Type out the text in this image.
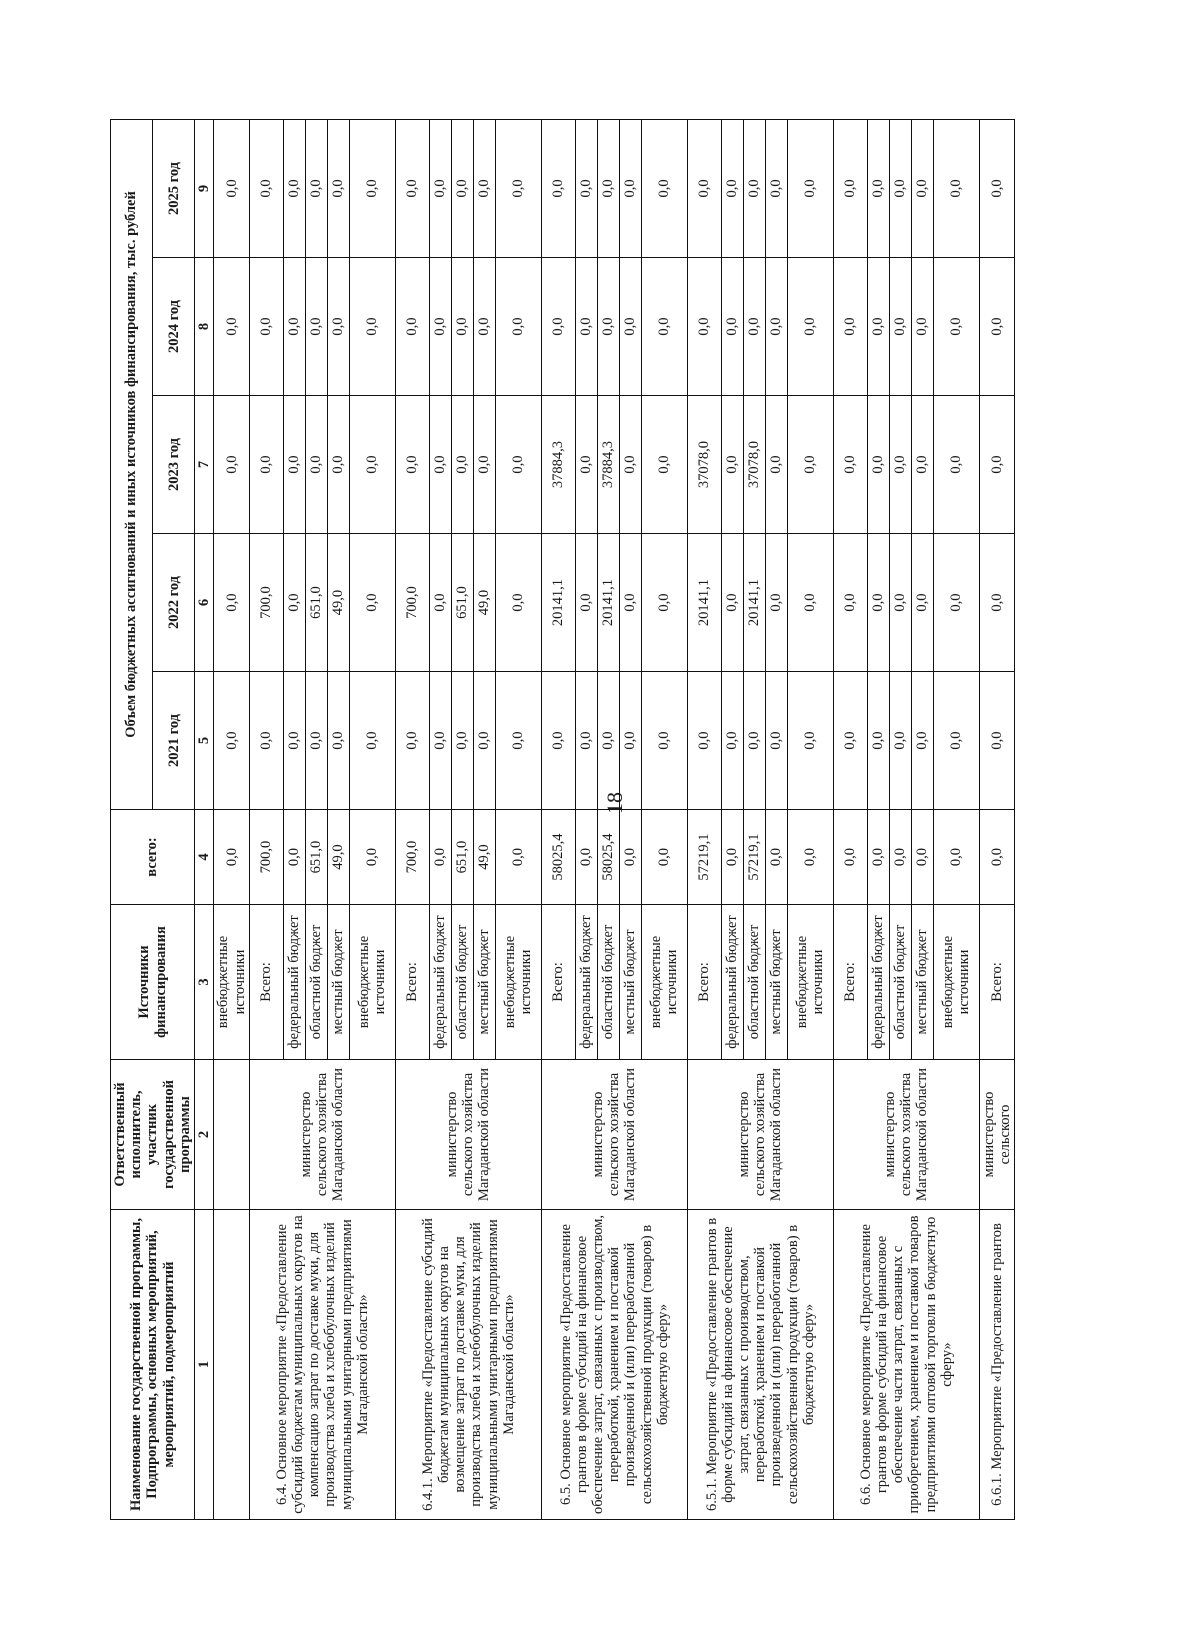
18
Наименование государственной программы, Подпрограммы, основных мероприятий, мероприятий, подмероприятий	Ответственный исполнитель, участник государственной программы	Источники финансирования	всего:	Объем бюджетных ассигнований и иных источников финансирования, тыс. рублей				
				2021 год	2022 год	2023 год	2024 год	2025 год
1	2	3	4	5	6	7	8	9
		внебюджетные источники	0,0	0,0	0,0	0,0	0,0	0,0
6.4. Основное мероприятие «Предоставление субсидий бюджетам муниципальных округов на компенсацию затрат по доставке муки, для производства хлеба и хлебобулочных изделий муниципальными унитарными предприятиями Магаданской области»	министерство сельского хозяйства Магаданской области	Всего:	700,0	0,0	700,0	0,0	0,0	0,0
		федеральный бюджет	0,0	0,0	0,0	0,0	0,0	0,0
		областной бюджет	651,0	0,0	651,0	0,0	0,0	0,0
		местный бюджет	49,0	0,0	49,0	0,0	0,0	0,0
		внебюджетные источники	0,0	0,0	0,0	0,0	0,0	0,0
6.4.1. Мероприятие «Предоставление субсидий бюджетам муниципальных округов на возмещение затрат по доставке муки, для производства хлеба и хлебобулочных изделий муниципальными унитарными предприятиями Магаданской области»	министерство сельского хозяйства Магаданской области	Всего:	700,0	0,0	700,0	0,0	0,0	0,0
		федеральный бюджет	0,0	0,0	0,0	0,0	0,0	0,0
		областной бюджет	651,0	0,0	651,0	0,0	0,0	0,0
		местный бюджет	49,0	0,0	49,0	0,0	0,0	0,0
		внебюджетные источники	0,0	0,0	0,0	0,0	0,0	0,0
6.5. Основное мероприятие «Предоставление грантов в форме субсидий на финансовое обеспечение затрат, связанных с производством, переработкой, хранением и поставкой произведенной и (или) переработанной сельскохозяйственной продукции (товаров) в бюджетную сферу»	министерство сельского хозяйства Магаданской области	Всего:	58025,4	0,0	20141,1	37884,3	0,0	0,0
		федеральный бюджет	0,0	0,0	0,0	0,0	0,0	0,0
		областной бюджет	58025,4	0,0	20141,1	37884,3	0,0	0,0
		местный бюджет	0,0	0,0	0,0	0,0	0,0	0,0
		внебюджетные источники	0,0	0,0	0,0	0,0	0,0	0,0
6.5.1. Мероприятие «Предоставление грантов в форме субсидий на финансовое обеспечение затрат, связанных с производством, переработкой, хранением и поставкой произведенной и (или) переработанной сельскохозяйственной продукции (товаров) в бюджетную сферу»	министерство сельского хозяйства Магаданской области	Всего:	57219,1	0,0	20141,1	37078,0	0,0	0,0
		федеральный бюджет	0,0	0,0	0,0	0,0	0,0	0,0
		областной бюджет	57219,1	0,0	20141,1	37078,0	0,0	0,0
		местный бюджет	0,0	0,0	0,0	0,0	0,0	0,0
		внебюджетные источники	0,0	0,0	0,0	0,0	0,0	0,0
6.6. Основное мероприятие «Предоставление грантов в форме субсидий на финансовое обеспечение части затрат, связанных с приобретением, хранением и поставкой товаров предприятиями оптовой торговли в бюджетную сферу»	министерство сельского хозяйства Магаданской области	Всего:	0,0	0,0	0,0	0,0	0,0	0,0
		федеральный бюджет	0,0	0,0	0,0	0,0	0,0	0,0
		областной бюджет	0,0	0,0	0,0	0,0	0,0	0,0
		местный бюджет	0,0	0,0	0,0	0,0	0,0	0,0
		внебюджетные источники	0,0	0,0	0,0	0,0	0,0	0,0
6.6.1. Мероприятие «Предоставление грантов	министерство сельского	Всего:	0,0	0,0	0,0	0,0	0,0	0,0
